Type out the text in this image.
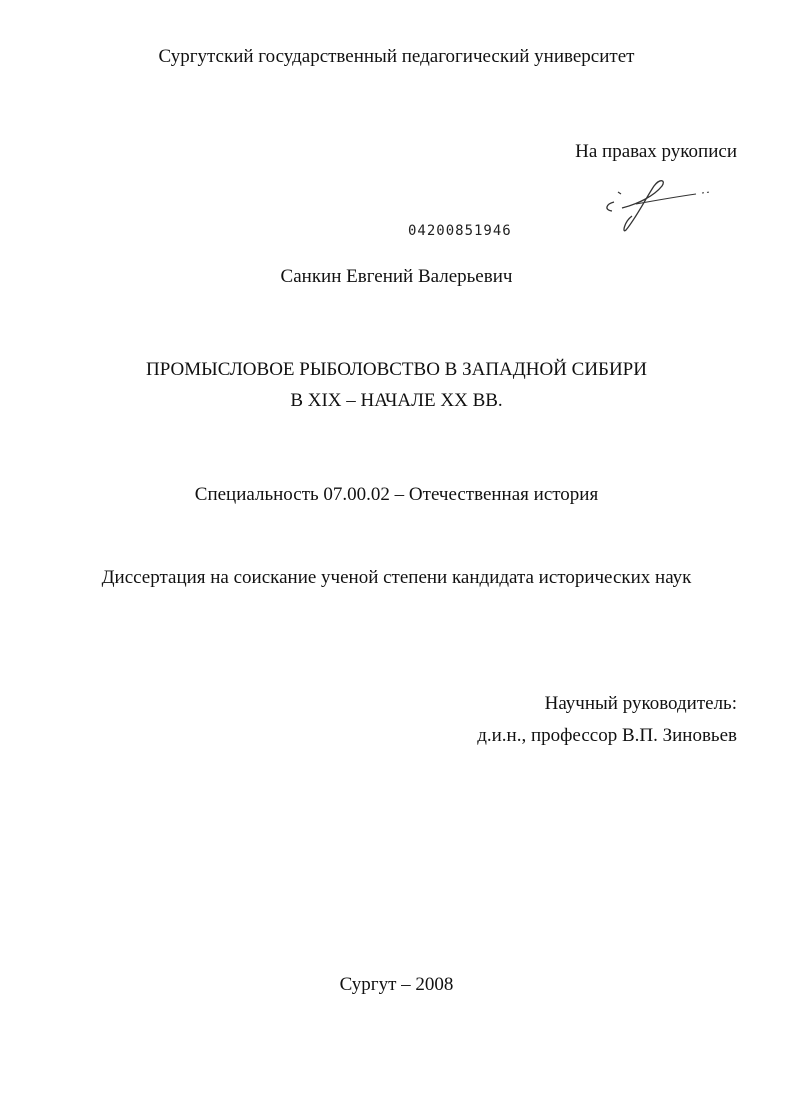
Сургутский государственный педагогический университет
На правах рукописи
04200851946
Санкин Евгений Валерьевич
ПРОМЫСЛОВОЕ РЫБОЛОВСТВО В ЗАПАДНОЙ СИБИРИ
В XIX – НАЧАЛЕ XX ВВ.
Специальность 07.00.02 – Отечественная история
Диссертация на соискание ученой степени кандидата исторических наук
Научный руководитель:
д.и.н., профессор В.П. Зиновьев
Сургут – 2008
